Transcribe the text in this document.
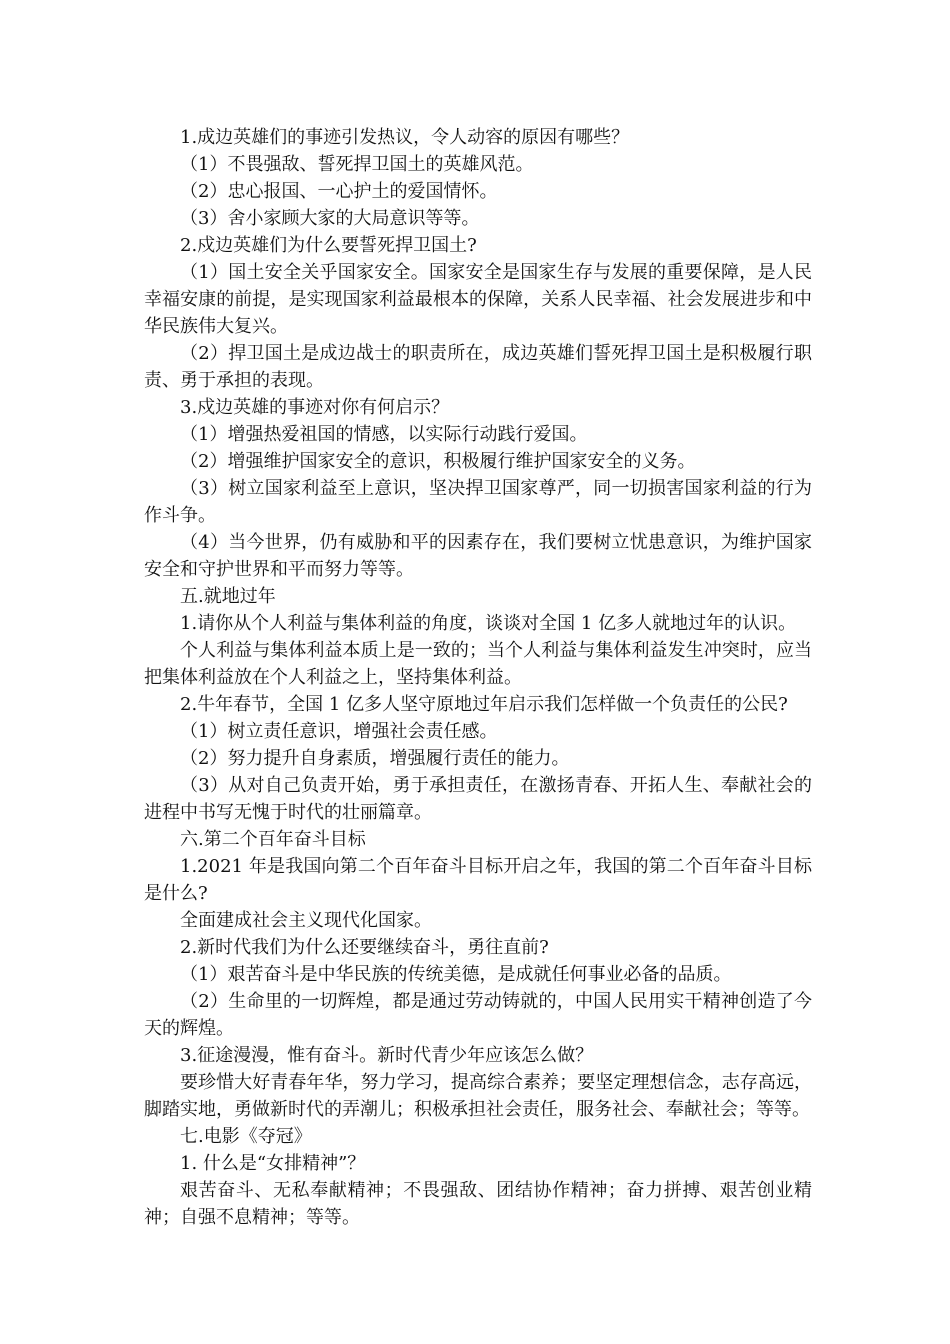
1.成边英雄们的事迹引发热议，令人动容的原因有哪些？

（1）不畏强敌、誓死捍卫国土的英雄风范。

（2）忠心报国、一心护土的爱国情怀。

（3）舍小家顾大家的大局意识等等。

2.戍边英雄们为什么要誓死捍卫国土?

（1）国土安全关乎国家安全。国家安全是国家生存与发展的重要保障，是人民幸福安康的前提，是实现国家利益最根本的保障，关系人民幸福、社会发展进步和中华民族伟大复兴。

（2）捍卫国土是成边战士的职责所在，成边英雄们誓死捍卫国土是积极履行职责、勇于承担的表现。

3.戍边英雄的事迹对你有何启示？

（1）增强热爱祖国的情感，以实际行动践行爱国。

（2）增强维护国家安全的意识，积极履行维护国家安全的义务。

（3）树立国家利益至上意识，坚决捍卫国家尊严，同一切损害国家利益的行为作斗争。

（4）当今世界，仍有威胁和平的因素存在，我们要树立忧患意识，为维护国家安全和守护世界和平而努力等等。

五.就地过年

1.请你从个人利益与集体利益的角度，谈谈对全国 1 亿多人就地过年的认识。

个人利益与集体利益本质上是一致的；当个人利益与集体利益发生冲突时，应当把集体利益放在个人利益之上，坚持集体利益。

2.牛年春节，全国 1 亿多人坚守原地过年启示我们怎样做一个负责任的公民?

（1）树立责任意识，增强社会责任感。

（2）努力提升自身素质，增强履行责任的能力。

（3）从对自己负责开始，勇于承担责任，在激扬青春、开拓人生、奉献社会的进程中书写无愧于时代的壮丽篇章。

六.第二个百年奋斗目标

1.2021 年是我国向第二个百年奋斗目标开启之年，我国的第二个百年奋斗目标是什么?

全面建成社会主义现代化国家。

2.新时代我们为什么还要继续奋斗，勇往直前?

（1）艰苦奋斗是中华民族的传统美德，是成就任何事业必备的品质。

（2）生命里的一切辉煌，都是通过劳动铸就的，中国人民用实干精神创造了今天的辉煌。

3.征途漫漫，惟有奋斗。新时代青少年应该怎么做？

要珍惜大好青春年华，努力学习，提高综合素养；要坚定理想信念，志存高远，脚踏实地，勇做新时代的弄潮儿；积极承担社会责任，服务社会、奉献社会；等等。

七.电影《夺冠》

1. 什么是“女排精神”？

艰苦奋斗、无私奉献精神；不畏强敌、团结协作精神；奋力拼搏、艰苦创业精神；自强不息精神；等等。
